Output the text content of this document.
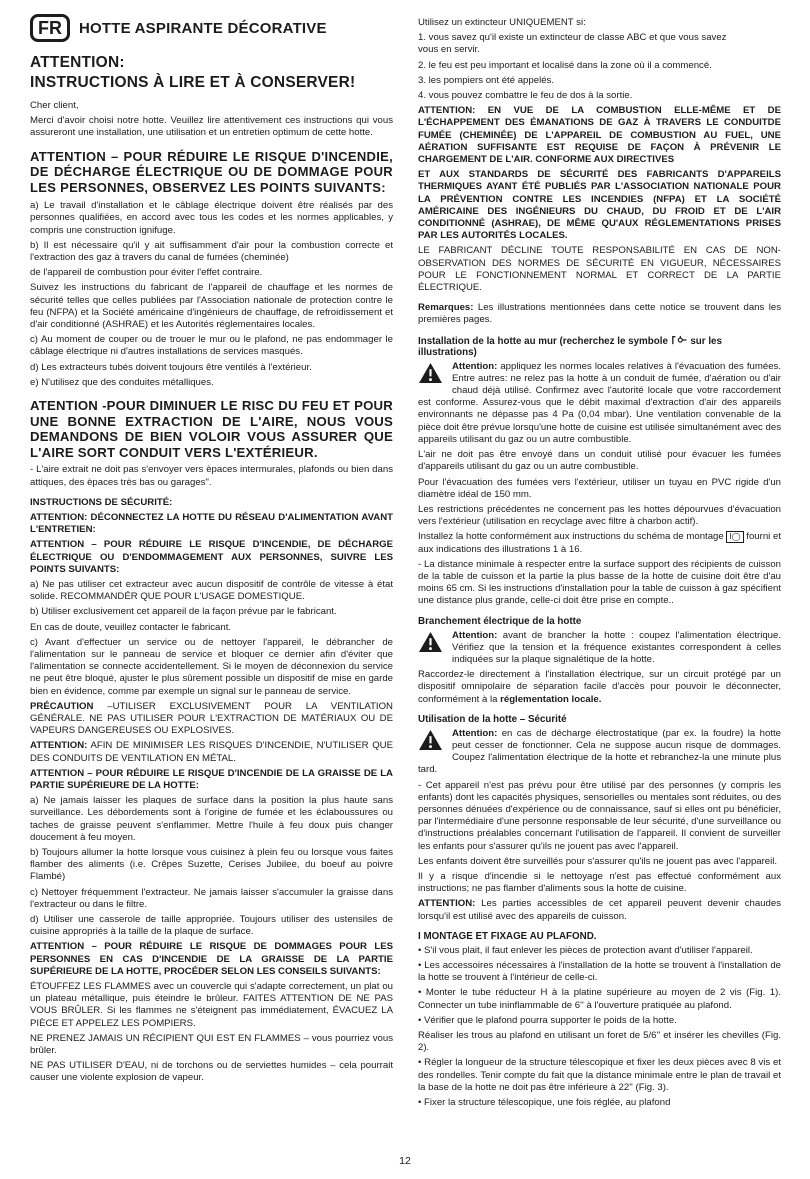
FR	HOTTE ASPIRANTE DÉCORATIVE
ATTENTION:
INSTRUCTIONS À LIRE ET À CONSERVER!

Cher client,

Merci d'avoir choisi notre hotte. Veuillez lire attentivement ces instructions qui vous assureront une installation, une utilisation et un entretien optimum de cette hotte.

ATTENTION – POUR RÉDUIRE LE RISQUE D'INCENDIE, DE DÉCHARGE ÉLECTRIQUE OU DE DOMMAGE POUR LES PERSONNES, OBSERVEZ LES POINTS SUIVANTS:

a) Le travail d'installation et le câblage électrique doivent être réalisés par des personnes qualifiées, en accord avec tous les codes et les normes applicables, y compris une construction ignifuge.

b) Il est nécessaire qu'il y ait suffisamment d'air pour la combustion correcte et l'extraction des gaz à travers du canal de fumées (cheminée)

de l'appareil de combustion pour éviter l'effet contraire.

Suivez les instructions du fabricant de l'appareil de chauffage et les normes de sécurité telles que celles publiées par l'Association nationale de protection contre le feu (NFPA) et la Société américaine d'ingénieurs de chauffage, de refroidissement et d'air conditionné (ASHRAE) et les Autorités réglementaires locales.

c) Au moment de couper ou de trouer le mur ou le plafond, ne pas endommager le câblage électrique ni d'autres installations de services masqués.

d) Les extracteurs tubés doivent toujours être ventilés à l'extérieur.

e) N'utilisez que des conduites métalliques.

ATENTION -POUR DIMINUER LE RISC DU FEU ET POUR UNE BONNE EXTRACTION DE L'AIRE, NOUS VOUS DEMANDONS DE BIEN VOLOIR VOUS ASSURER QUE L'AIRE SORT CONDUIT VERS L'EXTÉRIEUR.

- L'aire extrait ne doit pas s'envoyer vers èpaces intermurales, plafonds ou bien dans attiques, des èpaces très bas ou garages".

INSTRUCTIONS DE SÉCURITÉ:

ATTENTION: DÉCONNECTEZ LA HOTTE DU RÉSEAU D'ALIMENTATION AVANT L'ENTRETIEN:

ATTENTION – POUR RÉDUIRE LE RISQUE D'INCENDIE, DE DÉCHARGE ÉLECTRIQUE OU D'ENDOMMAGEMENT AUX PERSONNES, SUIVRE LES POINTS SUIVANTS:

a) Ne pas utiliser cet extracteur avec aucun dispositif de contrôle de vitesse à état solide. RECOMMANDÉR QUE POUR L'USAGE DOMESTIQUE.

b) Utiliser exclusivement cet appareil de la façon prévue par le fabricant.

En cas de doute, veuillez contacter le fabricant.

c) Avant d'effectuer un service ou de nettoyer l'appareil, le débrancher de l'alimentation sur le panneau de service et bloquer ce dernier afin d'éviter que l'alimentation se connecte accidentellement. Si le moyen de déconnexion du service ne peut être bloqué, ajuster le plus sûrement possible un dispositif de mise en garde bien en évidence, comme par exemple un signal sur le panneau de service.

PRÉCAUTION –UTILISER EXCLUSIVEMENT POUR LA VENTILATION GÉNÉRALE. NE PAS UTILISER POUR L'EXTRACTION DE MATÉRIAUX OU DE VAPEURS DANGEREUSES OU EXPLOSIVES.

ATTENTION: AFIN DE MINIMISER LES RISQUES D'INCENDIE, N'UTILISER QUE DES CONDUITS DE VENTILATION EN MÉTAL.

ATTENTION – POUR RÉDUIRE LE RISQUE D'INCENDIE DE LA GRAISSE DE LA PARTIE SUPÉRIEURE DE LA HOTTE:

a) Ne jamais laisser les plaques de surface dans la position la plus haute sans surveillance. Les débordements sont à l'origine de fumée et les éclaboussures ou taches de graisse peuvent s'enflammer. Mettre l'huile à feu doux puis changer doucement à feu moyen.

b) Toujours allumer la hotte lorsque vous cuisinez à plein feu ou lorsque vous faites flamber des aliments (i.e. Crêpes Suzette, Cerises Jubilee, du boeuf au poivre Flambé)

c) Nettoyer fréquemment l'extracteur. Ne jamais laisser s'accumuler la graisse dans l'extracteur ou dans le filtre.

d) Utiliser une casserole de taille appropriée. Toujours utiliser des ustensiles de cuisine appropriés à la taille de la plaque de surface.

ATTENTION – POUR RÉDUIRE LE RISQUE DE DOMMAGES POUR LES PERSONNES EN CAS D'INCENDIE DE LA GRAISSE DE LA PARTIE SUPÉRIEURE DE LA HOTTE, PROCÉDER SELON LES CONSEILS SUIVANTS:

ÉTOUFFEZ LES FLAMMES avec un couvercle qui s'adapte correctement, un plat ou un plateau métallique, puis éteindre le brûleur. FAITES ATTENTION DE NE PAS VOUS BRÛLER. Si les flammes ne s'éteignent pas immédiatement, ÉVACUEZ LA PIÈCE ET APPELEZ LES POMPIERS.

NE PRENEZ JAMAIS UN RÉCIPIENT QUI EST EN FLAMMES – vous pourriez vous brûler.

NE PAS UTILISER D'EAU, ni de torchons ou de serviettes humides – cela pourrait causer une violente explosion de vapeur.

Utilisez un extincteur UNIQUEMENT si:

1. vous savez qu'il existe un extincteur de classe ABC et que vous savez

vous en servir.

2. le feu est peu important et localisé dans la zone où il a commencé.

3. les pompiers ont été appelés.

4. vous pouvez combattre le feu de dos à la sortie.

ATTENTION: EN VUE DE LA COMBUSTION ELLE-MÊME ET DE L'ÉCHAPPEMENT DES ÉMANATIONS DE GAZ À TRAVERS LE CONDUITDE FUMÉE (CHEMINÉE) DE L'APPAREIL DE COMBUSTION AU FUEL, UNE AÉRATION SUFFISANTE EST REQUISE DE FAÇON À PRÉVENIR LE CHARGEMENT DE L'AIR. CONFORME AUX DIRECTIVES

ET AUX STANDARDS DE SÉCURITÉ DES FABRICANTS D'APPAREILS THERMIQUES AYANT ÉTÉ PUBLIÉS PAR L'ASSOCIATION NATIONALE POUR LA PRÉVENTION CONTRE LES INCENDIES (NFPA) ET LA SOCIÉTÉ AMÉRICAINE DES INGÉNIEURS DU CHAUD, DU FROID ET DE L'AIR CONDITIONNÉ (ASHRAE), DE MÊME QU'AUX RÉGLEMENTATIONS PRISES PAR LES AUTORITÉS LOCALES.

LE FABRICANT DÉCLINE TOUTE RESPONSABILITÉ EN CAS DE NON-OBSERVATION DES NORMES DE SÉCURITÉ EN VIGUEUR, NÉCESSAIRES POUR LE FONCTIONNEMENT NORMAL ET CORRECT DE LA PARTIE ÉLECTRIQUE.

Remarques: Les illustrations mentionnées dans cette notice se trouvent dans les premières pages.

Installation de la hotte au mur (recherchez le symbole sur les illustrations)

Attention: appliquez les normes locales relatives à l'évacuation des fumées. Entre autres: ne relez pas la hotte à un conduit de fumée, d'aération ou d'air chaud déjà utilisé. Confirmez avec l'autorité locale que votre raccordement est conforme. Assurez-vous que le débit maximal d'extraction d'air des appareils environnants ne dépasse pas 4 Pa (0,04 mbar). Une ventilation convenable de la pièce doit être prévue lorsqu'une hotte de cuisine est utilisée simultanément avec des appareils utilisant du gaz ou un autre combustible.

L'air ne doit pas être envoyé dans un conduit utilisé pour évacuer les fumées d'appareils utilisant du gaz ou un autre combustible.

Pour l'évacuation des fumées vers l'extérieur, utiliser un tuyau en PVC rigide d'un diamètre idéal de 150 mm.

Les restrictions précédentes ne concernent pas les hottes dépourvues d'évacuation vers l'extérieur (utilisation en recyclage avec filtre à charbon actif).

Installez la hotte conformément aux instructions du schéma de montage I◯ fourni et aux indications des illustrations 1 à 16.

- La distance minimale à respecter entre la surface support des récipients de cuisson de la table de cuisson et la partie la plus basse de la hotte de cuisine doit être d'au moins 65 cm. Si les instructions d'installation pour la table de cuisson à gaz spécifient une distance plus grande, celle-ci doit être prise en compte..

Branchement électrique de la hotte

Attention: avant de brancher la hotte : coupez l'alimentation électrique. Vérifiez que la tension et la fréquence existantes correspondent à celles indiquées sur la plaque signalétique de la hotte.

Raccordez-le directement à l'installation électrique, sur un circuit protégé par un dispositif omnipolaire de séparation facile d'accès pour pouvoir le déconnecter, conformément à la réglementation locale.

Utilisation de la hotte – Sécurité

Attention: en cas de décharge électrostatique (par ex. la foudre) la hotte peut cesser de fonctionner. Cela ne suppose aucun risque de dommages. Coupez l'alimentation électrique de la hotte et rebranchez-la une minute plus tard.

- Cet appareil n'est pas prévu pour être utilisé par des personnes (y compris les enfants) dont les capacités physiques, sensorielles ou mentales sont réduites, ou des personnes dénuées d'expérience ou de connaissance, sauf si elles ont pu bénéficier, par l'intermédiaire d'une personne responsable de leur sécurité, d'une surveillance ou d'instructions préalables concernant l'utilisation de l'appareil. Il convient de surveiller les enfants pour s'assurer qu'ils ne jouent pas avec l'appareil.

Les enfants doivent être surveillés pour s'assurer qu'ils ne jouent pas avec l'appareil.

Il y a risque d'incendie si le nettoyage n'est pas effectué conformément aux instructions; ne pas flamber d'aliments sous la hotte de cuisine.

ATTENTION: Les parties accessibles de cet appareil peuvent devenir chaudes lorsqu'il est utilisé avec des appareils de cuisson.

I MONTAGE ET FIXAGE AU PLAFOND.

• S'il vous plait, il faut enlever les pièces de protection avant d'utiliser l'appareil.

• Les accessoires nécessaires à l'installation de la hotte se trouvent à l'installation de la hotte se trouvent à l'intérieur de celle-ci.

• Monter le tube réducteur H à la platine supérieure au moyen de 2 vis (Fig. 1). Connecter un tube ininflammable de 6'' à l'ouverture pratiquée au plafond.

• Vérifier que le plafond pourra supporter le poids de la hotte.

Réaliser les trous au plafond en utilisant un foret de 5/6'' et insérer les chevilles (Fig. 2).

• Régler la longueur de la structure télescopique et fixer les deux pièces avec 8 vis et des rondelles. Tenir compte du fait que la distance minimale entre le plan de travail et la base de la hotte ne doit pas être inférieure à 22'' (Fig. 3).

• Fixer la structure télescopique, une fois réglée, au plafond

12
